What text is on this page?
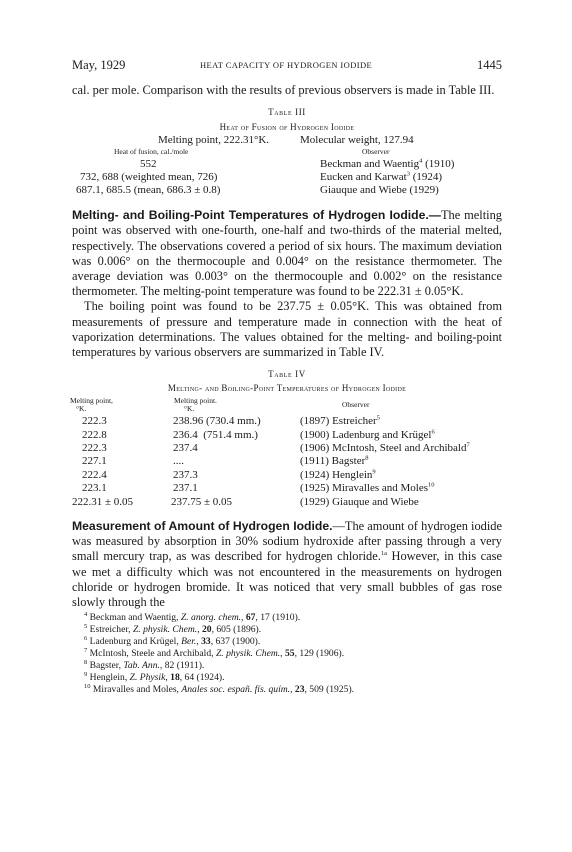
May, 1929	HEAT CAPACITY OF HYDROGEN IODIDE	1445

cal. per mole. Comparison with the results of previous observers is made in Table III.

Table III
Heat of Fusion of Hydrogen Iodide
Melting point, 222.31°K.	Molecular weight, 127.94
Heat of fusion, cal./mole	Observer
552	Beckman and Waentig$^4$ (1910)
732, 688 (weighted mean, 726)	Eucken and Karwat$^3$ (1924)
687.1, 685.5 (mean, 686.3 ± 0.8)	Giauque and Wiebe (1929)

Melting- and Boiling-Point Temperatures of Hydrogen Iodide.—The melting point was observed with one-fourth, one-half and two-thirds of the material melted, respectively. The observations covered a period of six hours. The maximum deviation was 0.006° on the thermocouple and 0.004° on the resistance thermometer. The average deviation was 0.003° on the thermocouple and 0.002° on the resistance thermometer. The melting-point temperature was found to be 222.31 ± 0.05°K.

The boiling point was found to be 237.75 ± 0.05°K. This was obtained from measurements of pressure and temperature made in connection with the heat of vaporization determinations. The values obtained for the melting- and boiling-point temperatures by various observers are summarized in Table IV.

Table IV
Melting- and Boiling-Point Temperatures of Hydrogen Iodide
Melting point,
°K.
Melting point.
°K.	Observer
222.3	238.96 (730.4 mm.)	(1897) Estreicher$^5$
222.8	236.4  (751.4 mm.)	(1900) Ladenburg and Krügel$^6$
222.3	237.4	(1906) McIntosh, Steel and Archibald$^7$
227.1	....	(1911) Bagster$^8$
222.4	237.3	(1924) Henglein$^9$
223.1	237.1	(1925) Miravalles and Moles$^{10}$
222.31 ± 0.05	237.75 ± 0.05	(1929) Giauque and Wiebe

Measurement of Amount of Hydrogen Iodide.—The amount of hydrogen iodide was measured by absorption in 30% sodium hydroxide after passing through a very small mercury trap, as was described for hydrogen chloride.$^{1a}$ However, in this case we met a difficulty which was not encountered in the measurements on hydrogen chloride or hydrogen bromide. It was noticed that very small bubbles of gas rose slowly through the

$^4$ Beckman and Waentig, Z. anorg. chem., 67, 17 (1910).
$^5$ Estreicher, Z. physik. Chem., 20, 605 (1896).
$^6$ Ladenburg and Krügel, Ber., 33, 637 (1900).
$^7$ McIntosh, Steele and Archibald, Z. physik. Chem., 55, 129 (1906).
$^8$ Bagster, Tab. Ann., 82 (1911).
$^9$ Henglein, Z. Physik, 18, 64 (1924).
$^{10}$ Miravalles and Moles, Anales soc. españ. fís. quím., 23, 509 (1925).
